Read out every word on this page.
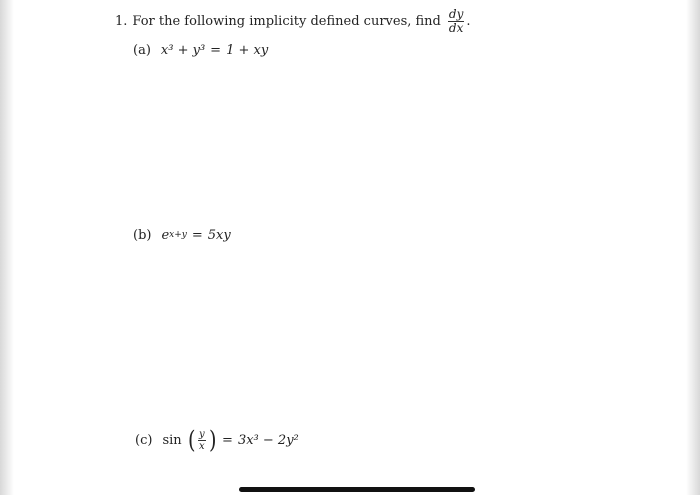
1. For the following implicity defined curves, find $\frac{dy}{dx}$ .
(a) x³ + y³ = 1 + xy
(b) e x+y = 5xy
(c) sin ( $\frac{y}{x}$ ) = 3x³ − 2y²
